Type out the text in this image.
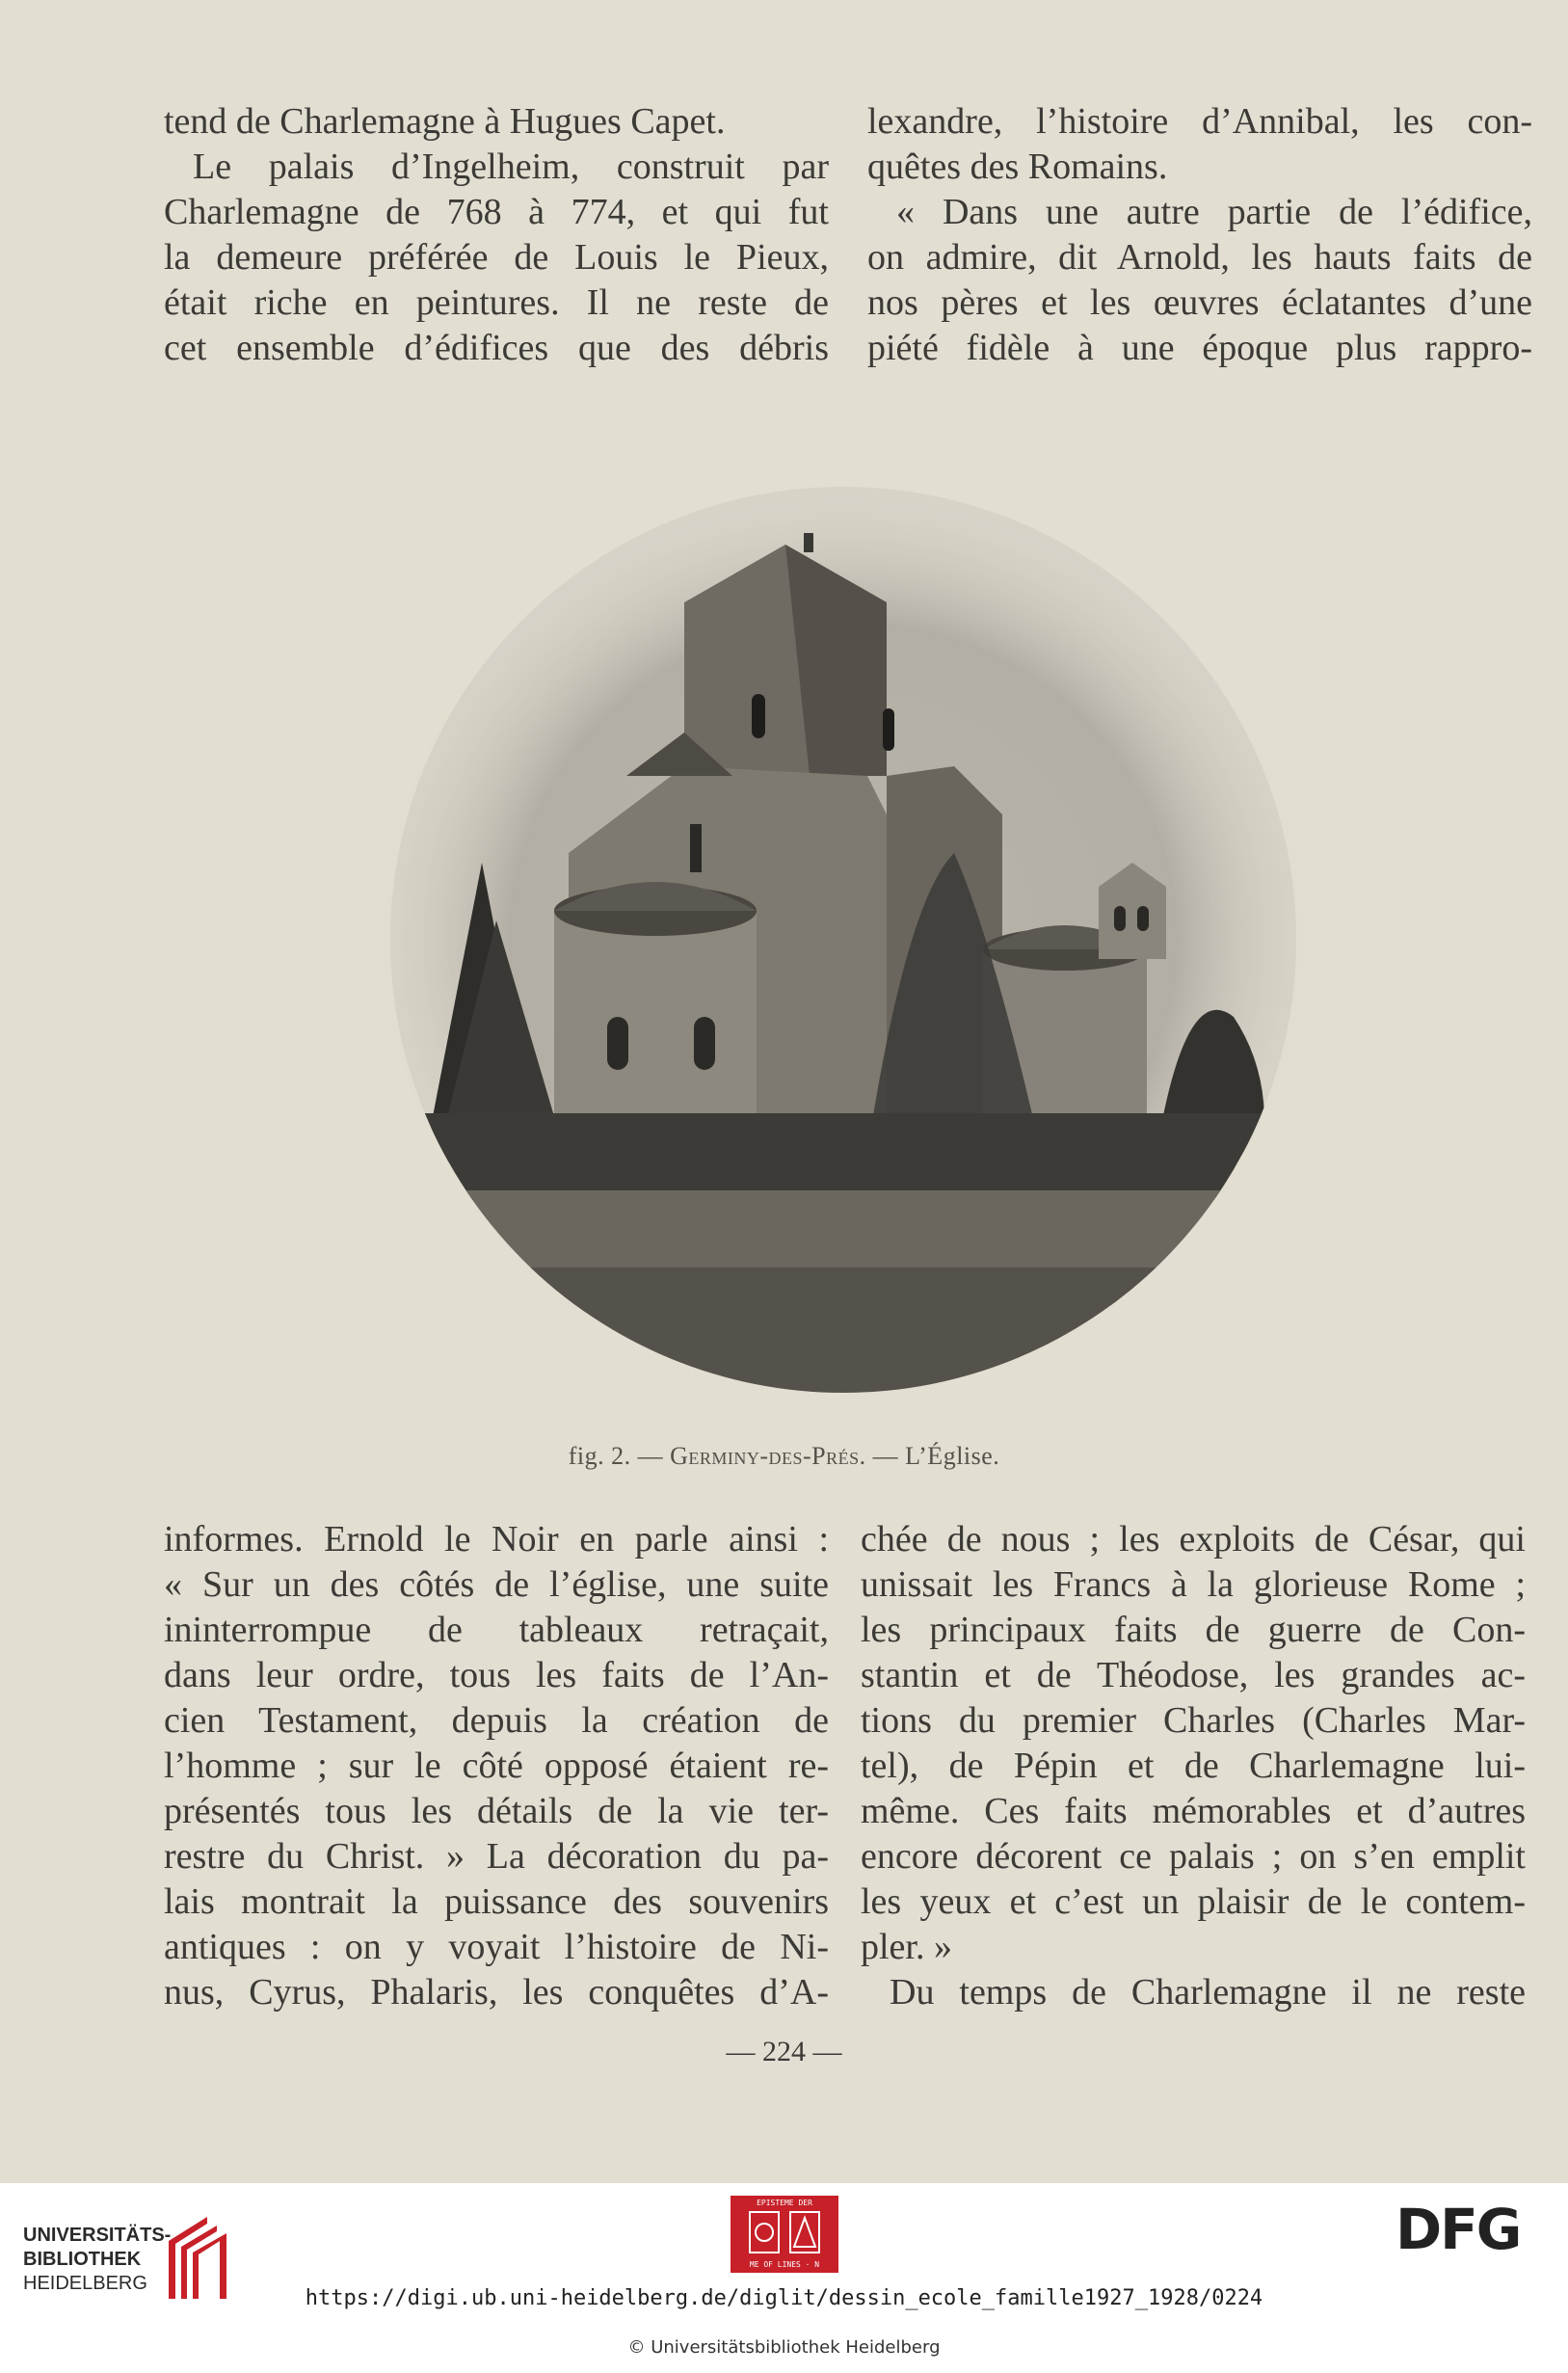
tend de Charlemagne à Hugues Capet.

Le palais d’Ingelheim, construit par

Charlemagne de 768 à 774, et qui fut

la demeure préférée de Louis le Pieux,

était riche en peintures. Il ne reste de

cet ensemble d’édifices que des débris

lexandre, l’histoire d’Annibal, les con-

quêtes des Romains.

« Dans une autre partie de l’édifice,

on admire, dit Arnold, les hauts faits de

nos pères et les œuvres éclatantes d’une

piété fidèle à une époque plus rappro-

fig. 2. — Germiny-des-Prés. — L’Église.

informes. Ernold le Noir en parle ainsi :

« Sur un des côtés de l’église, une suite

ininterrompue de tableaux retraçait,

dans leur ordre, tous les faits de l’An-

cien Testament, depuis la création de

l’homme ; sur le côté opposé étaient re-

présentés tous les détails de la vie ter-

restre du Christ. » La décoration du pa-

lais montrait la puissance des souvenirs

antiques : on y voyait l’histoire de Ni-

nus, Cyrus, Phalaris, les conquêtes d’A-

chée de nous ; les exploits de César, qui

unissait les Francs à la glorieuse Rome ;

les principaux faits de guerre de Con-

stantin et de Théodose, les grandes ac-

tions du premier Charles (Charles Mar-

tel), de Pépin et de Charlemagne lui-

même. Ces faits mémorables et d’autres

encore décorent ce palais ; on s’en emplit

les yeux et c’est un plaisir de le contem-

pler. »

Du temps de Charlemagne il ne reste

— 224 —
UNIVERSITÄTS-
BIBLIOTHEK
HEIDELBERG
EPISTEME DER
ME OF LINES · N
DFG
https://digi.ub.uni-heidelberg.de/diglit/dessin_ecole_famille1927_1928/0224
© Universitätsbibliothek Heidelberg
